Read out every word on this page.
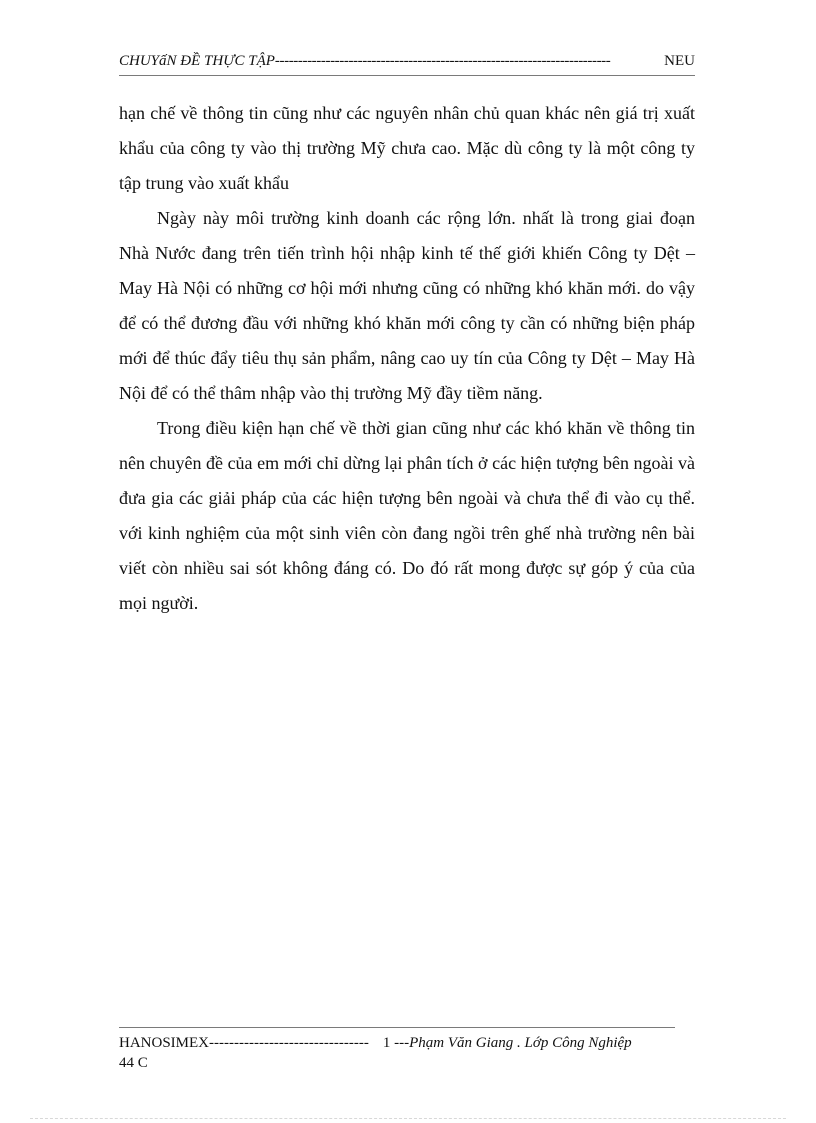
CHUYấN ĐỀ THỰC TẬP-------------------------------------------------------------------------	NEU

hạn chế về thông tin cũng như các nguyên nhân chủ quan khác nên giá trị xuất khẩu của công ty vào thị trường Mỹ chưa cao. Mặc dù công ty là một công ty tập trung vào xuất khẩu

Ngày này môi trường kinh doanh các rộng lớn. nhất là trong giai đoạn Nhà Nước đang trên tiến trình hội nhập kinh tế thế giới khiến Công ty Dệt – May Hà Nội có những cơ hội mới nhưng cũng có những khó khăn mới. do vậy để có thể đương đầu với những khó khăn mới công ty cần có những biện pháp mới để thúc đẩy tiêu thụ sản phẩm, nâng cao uy tín của Công ty Dệt – May Hà Nội để có thể thâm nhập vào thị trường Mỹ đầy tiềm năng.

Trong điều kiện hạn chế về thời gian cũng như các khó khăn về thông tin nên chuyên đề của em mới chỉ dừng lại phân tích ở các hiện tượng bên ngoài và đưa gia các giải pháp của các hiện tượng bên ngoài và chưa thể đi vào cụ thể. với kinh nghiệm của một sinh viên còn đang ngồi trên ghế nhà trường nên bài viết còn nhiều sai sót không đáng có. Do đó rất mong được sự góp ý của của mọi người.

HANOSIMEX-------------------------------- 1 ---Phạm Văn Giang . Lớp Công Nghiệp
44 C
